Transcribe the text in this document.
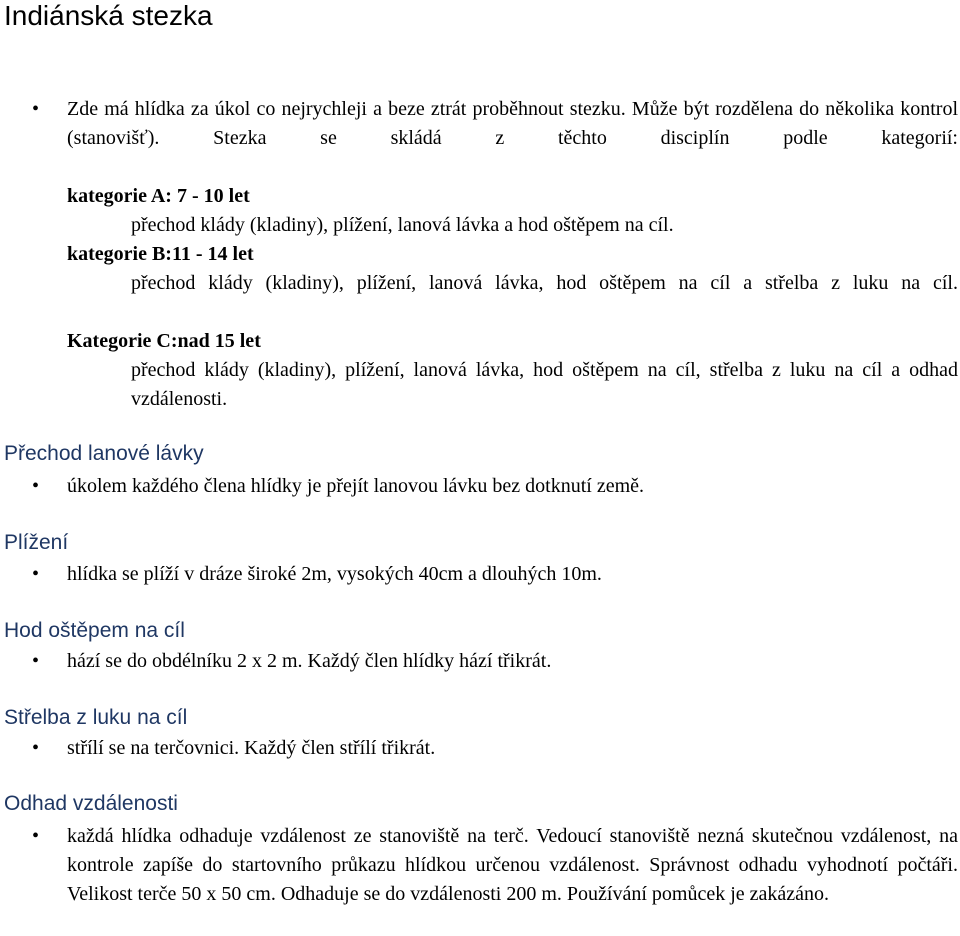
Indiánská stezka
• Zde má hlídka za úkol co nejrychleji a beze ztrát proběhnout stezku. Může být rozdělena do několika kontrol (stanovišť). Stezka se skládá z těchto disciplín podle kategorií:

kategorie A: 7 - 10 let
přechod klády (kladiny), plížení, lanová lávka a hod oštěpem na cíl.
kategorie B:11 - 14 let

přechod klády (kladiny), plížení, lanová lávka, hod oštěpem na cíl a střelba z luku na cíl.

Kategorie C:nad 15 let

přechod klády (kladiny), plížení, lanová lávka, hod oštěpem na cíl, střelba z luku na cíl a odhad vzdálenosti.

Přechod lanové lávky
• úkolem každého člena hlídky je přejít lanovou lávku bez dotknutí země.
Plížení
• hlídka se plíží v dráze široké 2m, vysokých 40cm a dlouhých 10m.
Hod oštěpem na cíl
• hází se do obdélníku 2 x 2 m. Každý člen hlídky hází třikrát.
Střelba z luku na cíl
• střílí se na terčovnici. Každý člen střílí třikrát.
Odhad vzdálenosti
• každá hlídka odhaduje vzdálenost ze stanoviště na terč. Vedoucí stanoviště nezná skutečnou vzdálenost, na kontrole zapíše do startovního průkazu hlídkou určenou vzdálenost. Správnost odhadu vyhodnotí počtáři. Velikost terče 50 x 50 cm. Odhaduje se do vzdálenosti 200 m. Používání pomůcek je zakázáno.
